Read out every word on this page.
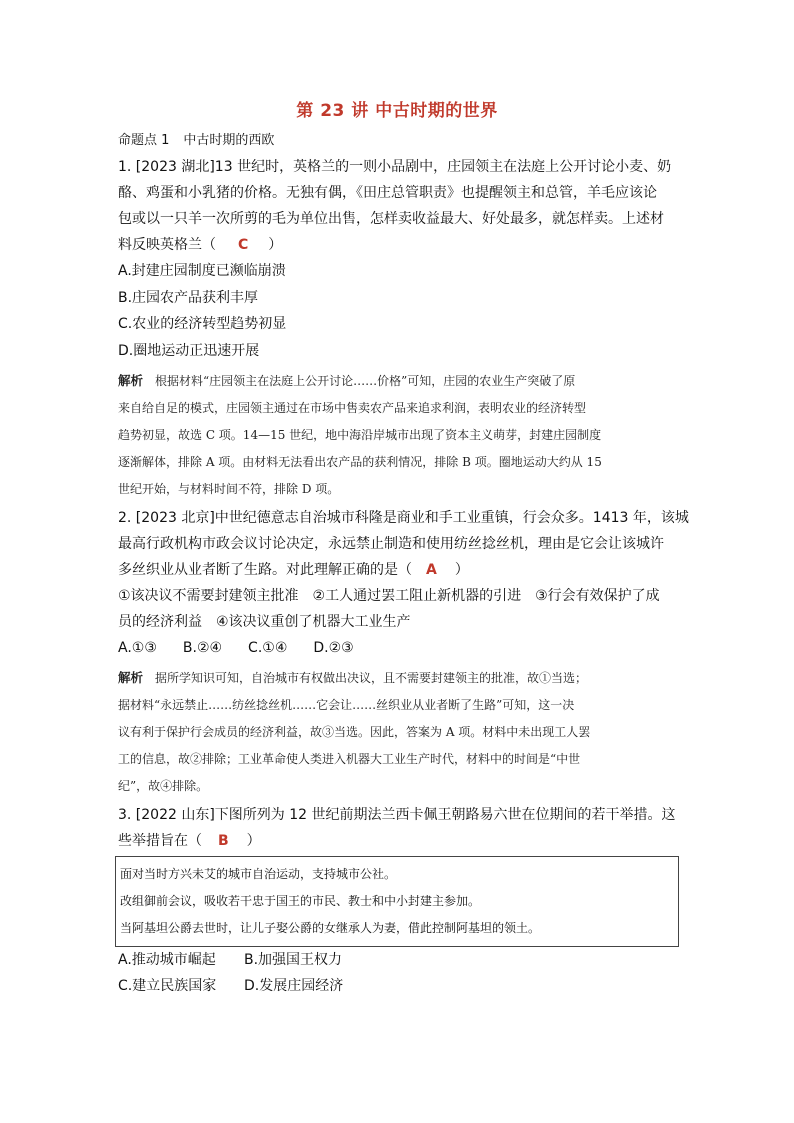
第 23 讲 中古时期的世界
命题点 1 中古时期的西欧
1. [2023 湖北]13 世纪时，英格兰的一则小品剧中，庄园领主在法庭上公开讨论小麦、奶
酪、鸡蛋和小乳猪的价格。无独有偶，《田庄总管职责》也提醒领主和总管，羊毛应该论
包或以一只羊一次所剪的毛为单位出售，怎样卖收益最大、好处最多，就怎样卖。上述材
料反映英格兰（ C ）
A.封建庄园制度已濒临崩溃
B.庄园农产品获利丰厚
C.农业的经济转型趋势初显
D.圈地运动正迅速开展
解析 根据材料“庄园领主在法庭上公开讨论……价格”可知，庄园的农业生产突破了原
来自给自足的模式，庄园领主通过在市场中售卖农产品来追求利润，表明农业的经济转型
趋势初显，故选 C 项。14—15 世纪，地中海沿岸城市出现了资本主义萌芽，封建庄园制度
逐渐解体，排除 A 项。由材料无法看出农产品的获利情况，排除 B 项。圈地运动大约从 15
世纪开始，与材料时间不符，排除 D 项。
2. [2023 北京]中世纪德意志自治城市科隆是商业和手工业重镇，行会众多。1413 年，该城
最高行政机构市政会议讨论决定，永远禁止制造和使用纺丝捻丝机，理由是它会让该城许
多丝织业从业者断了生路。对此理解正确的是（ A ）
①该决议不需要封建领主批准　②工人通过罢工阻止新机器的引进　③行会有效保护了成
员的经济利益　④该决议重创了机器大工业生产
A.①③ B.②④ C.①④ D.②③
解析 据所学知识可知，自治城市有权做出决议，且不需要封建领主的批准，故①当选；
据材料“永远禁止……纺丝捻丝机……它会让……丝织业从业者断了生路”可知，这一决
议有利于保护行会成员的经济利益，故③当选。因此，答案为 A 项。材料中未出现工人罢
工的信息，故②排除；工业革命使人类进入机器大工业生产时代，材料中的时间是“中世
纪”，故④排除。
3. [2022 山东]下图所列为 12 世纪前期法兰西卡佩王朝路易六世在位期间的若干举措。这
些举措旨在（ B ）
面对当时方兴未艾的城市自治运动，支持城市公社。
改组御前会议，吸收若干忠于国王的市民、教士和中小封建主参加。
当阿基坦公爵去世时，让儿子娶公爵的女继承人为妻，借此控制阿基坦的领土。
A.推动城市崛起 B.加强国王权力
C.建立民族国家 D.发展庄园经济
